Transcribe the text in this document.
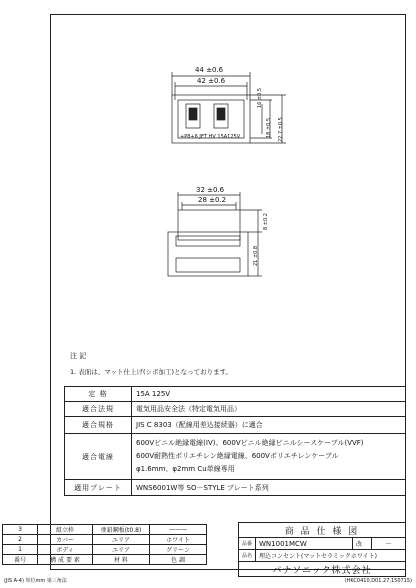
44 ±0.6
42 ±0.6
+P8+6 JET HV 15A125V
16 ±0.5
18 ±0.5 22.7 ±0.5
32 ±0.6
28 ±0.2
8 ±0.2
21 ±0.8
注 記
1. 表面は、マット仕上げ(シボ加工)となっております。
定 格	15A 125V
適合法規	電気用品安全法（特定電気用品）
適合規格	JIS C 8303（配線用差込接続器）に適合
適合電線	600Vビニル絶縁電線(IV)、600Vビニル絶縁ビニルシースケーブル(VVF)
600V耐熱性ポリエチレン絶縁電線、600Vポリエチレンケーブル
φ1.6mm、φ2mm Cu単線専用

適用プレート	WNS6001W等 SO－STYLE プレート系列
3	組立枠	亜鉛鋼板(t0.8)	———
2	カバー	ユリア	ホワイト
1	ボディ	ユリア	グリーン
番号	構 成 要 素	材 料	色 調
商 品 仕 様 図			
品番	WN1001MCW	改	－
品名	埋込コンセント(マットセラミックホワイト)		
パナソニック株式会社			
(JIS A-4) 単位mm 第三角法	(HKC0410,D01.27,150715)
